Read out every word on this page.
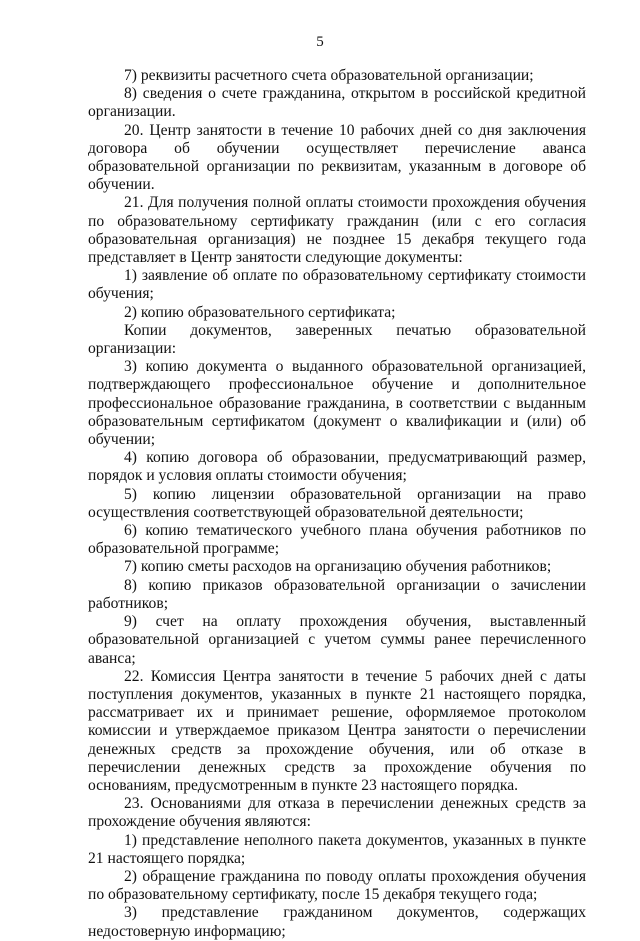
5

7) реквизиты расчетного счета образовательной организации;

8) сведения о счете гражданина, открытом в российской кредитной организации.

20. Центр занятости в течение 10 рабочих дней со дня заключения договора об обучении осуществляет перечисление аванса образовательной организации по реквизитам, указанным в договоре об обучении.

21. Для получения полной оплаты стоимости прохождения обучения по образовательному сертификату гражданин (или с его согласия образовательная организация) не позднее 15 декабря текущего года представляет в Центр занятости следующие документы:

1) заявление об оплате по образовательному сертификату стоимости обучения;

2) копию образовательного сертификата;

Копии документов, заверенных печатью образовательной организации:

3) копию документа о выданного образовательной организацией, подтверждающего профессиональное обучение и дополнительное профессиональное образование гражданина, в соответствии с выданным образовательным сертификатом (документ о квалификации и (или) об обучении;

4) копию договора об образовании, предусматривающий размер, порядок и условия оплаты стоимости обучения;

5) копию лицензии образовательной организации на право осуществления соответствующей образовательной деятельности;

6) копию тематического учебного плана обучения работников по образовательной программе;

7) копию сметы расходов на организацию обучения работников;

8) копию приказов образовательной организации о зачислении работников;

9) счет на оплату прохождения обучения, выставленный образовательной организацией с учетом суммы ранее перечисленного аванса;

22. Комиссия Центра занятости в течение 5 рабочих дней с даты поступления документов, указанных в пункте 21 настоящего порядка, рассматривает их и принимает решение, оформляемое протоколом комиссии и утверждаемое приказом Центра занятости о перечислении денежных средств за прохождение обучения, или об отказе в перечислении денежных средств за прохождение обучения по основаниям, предусмотренным в пункте 23 настоящего порядка.

23. Основаниями для отказа в перечислении денежных средств за прохождение обучения являются:

1) представление неполного пакета документов, указанных в пункте 21 настоящего порядка;

2) обращение гражданина по поводу оплаты прохождения обучения по образовательному сертификату, после 15 декабря текущего года;

3) представление гражданином документов, содержащих недостоверную информацию;
